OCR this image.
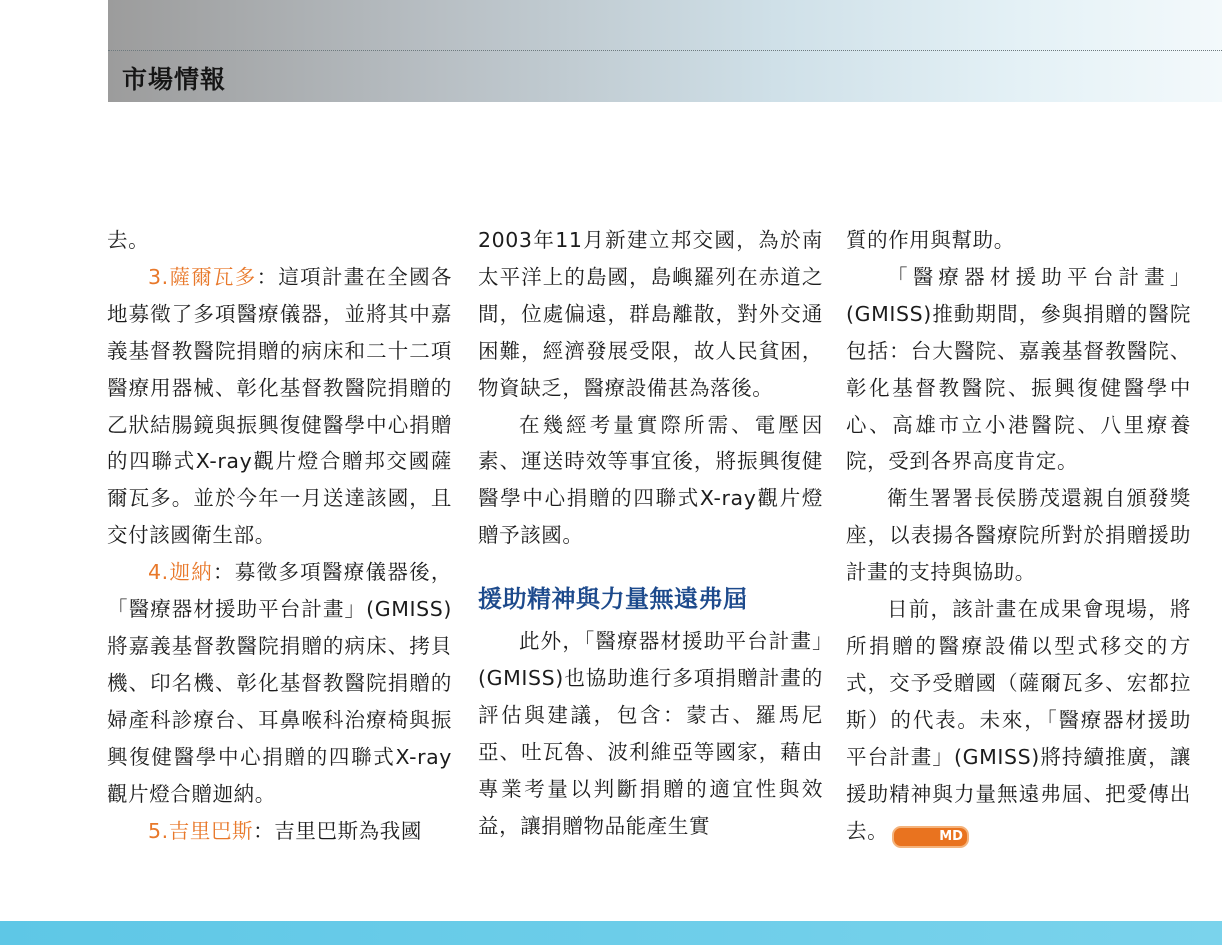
市場情報

去。

3.薩爾瓦多：這項計畫在全國各地募徵了多項醫療儀器，並將其中嘉義基督教醫院捐贈的病床和二十二項醫療用器械、彰化基督教醫院捐贈的乙狀結腸鏡與振興復健醫學中心捐贈的四聯式X-ray觀片燈合贈邦交國薩爾瓦多。並於今年一月送達該國，且交付該國衛生部。

4.迦納：募徵多項醫療儀器後，「醫療器材援助平台計畫」(GMISS)將嘉義基督教醫院捐贈的病床、拷貝機、印名機、彰化基督教醫院捐贈的婦產科診療台、耳鼻喉科治療椅與振興復健醫學中心捐贈的四聯式X-ray觀片燈合贈迦納。

5.吉里巴斯：吉里巴斯為我國

2003年11月新建立邦交國，為於南太平洋上的島國，島嶼羅列在赤道之間，位處偏遠，群島離散，對外交通困難，經濟發展受限，故人民貧困，物資缺乏，醫療設備甚為落後。

在幾經考量實際所需、電壓因素、運送時效等事宜後，將振興復健醫學中心捐贈的四聯式X-ray觀片燈贈予該國。

援助精神與力量無遠弗屆

此外，「醫療器材援助平台計畫」(GMISS)也協助進行多項捐贈計畫的評估與建議，包含：蒙古、羅馬尼亞、吐瓦魯、波利維亞等國家，藉由專業考量以判斷捐贈的適宜性與效益，讓捐贈物品能產生實

質的作用與幫助。

「醫療器材援助平台計畫」(GMISS)推動期間，參與捐贈的醫院包括：台大醫院、嘉義基督教醫院、彰化基督教醫院、振興復健醫學中心、高雄市立小港醫院、八里療養院，受到各界高度肯定。

衛生署署長侯勝茂還親自頒發獎座，以表揚各醫療院所對於捐贈援助計畫的支持與協助。

日前，該計畫在成果會現場，將所捐贈的醫療設備以型式移交的方式，交予受贈國（薩爾瓦多、宏都拉斯）的代表。未來，「醫療器材援助平台計畫」(GMISS)將持續推廣，讓援助精神與力量無遠弗屆、把愛傳出去。	MD
